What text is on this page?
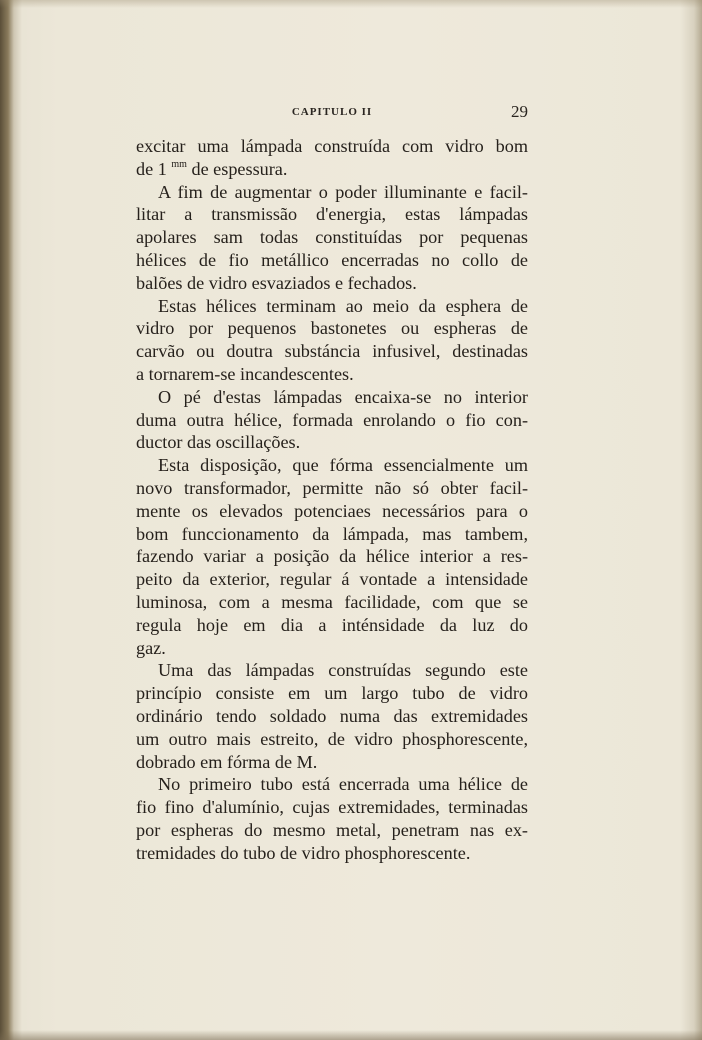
CAPITULO II	29

excitar uma lámpada construída com vidro bom
de 1 $^{mm}$ de espessura.

A fim de augmentar o poder illuminante e facil-
litar a transmissão d'energia, estas lámpadas
apolares sam todas constituídas por pequenas
hélices de fio metállico encerradas no collo de
balões de vidro esvaziados e fechados.

Estas hélices terminam ao meio da esphera de
vidro por pequenos bastonetes ou espheras de
carvão ou doutra substáncia infusivel, destinadas
a tornarem-se incandescentes.

O pé d'estas lámpadas encaixa-se no interior
duma outra hélice, formada enrolando o fio con-
ductor das oscillações.

Esta disposição, que fórma essencialmente um
novo transformador, permitte não só obter facil-
mente os elevados potenciaes necessários para o
bom funccionamento da lámpada, mas tambem,
fazendo variar a posição da hélice interior a res-
peito da exterior, regular á vontade a intensidade
luminosa, com a mesma facilidade, com que se
regula hoje em dia a inténsidade da luz do
gaz.

Uma das lámpadas construídas segundo este
princípio consiste em um largo tubo de vidro
ordinário tendo soldado numa das extremidades
um outro mais estreito, de vidro phosphorescente,
dobrado em fórma de M.

No primeiro tubo está encerrada uma hélice de
fio fino d'alumínio, cujas extremidades, terminadas
por espheras do mesmo metal, penetram nas ex-
tremidades do tubo de vidro phosphorescente.
